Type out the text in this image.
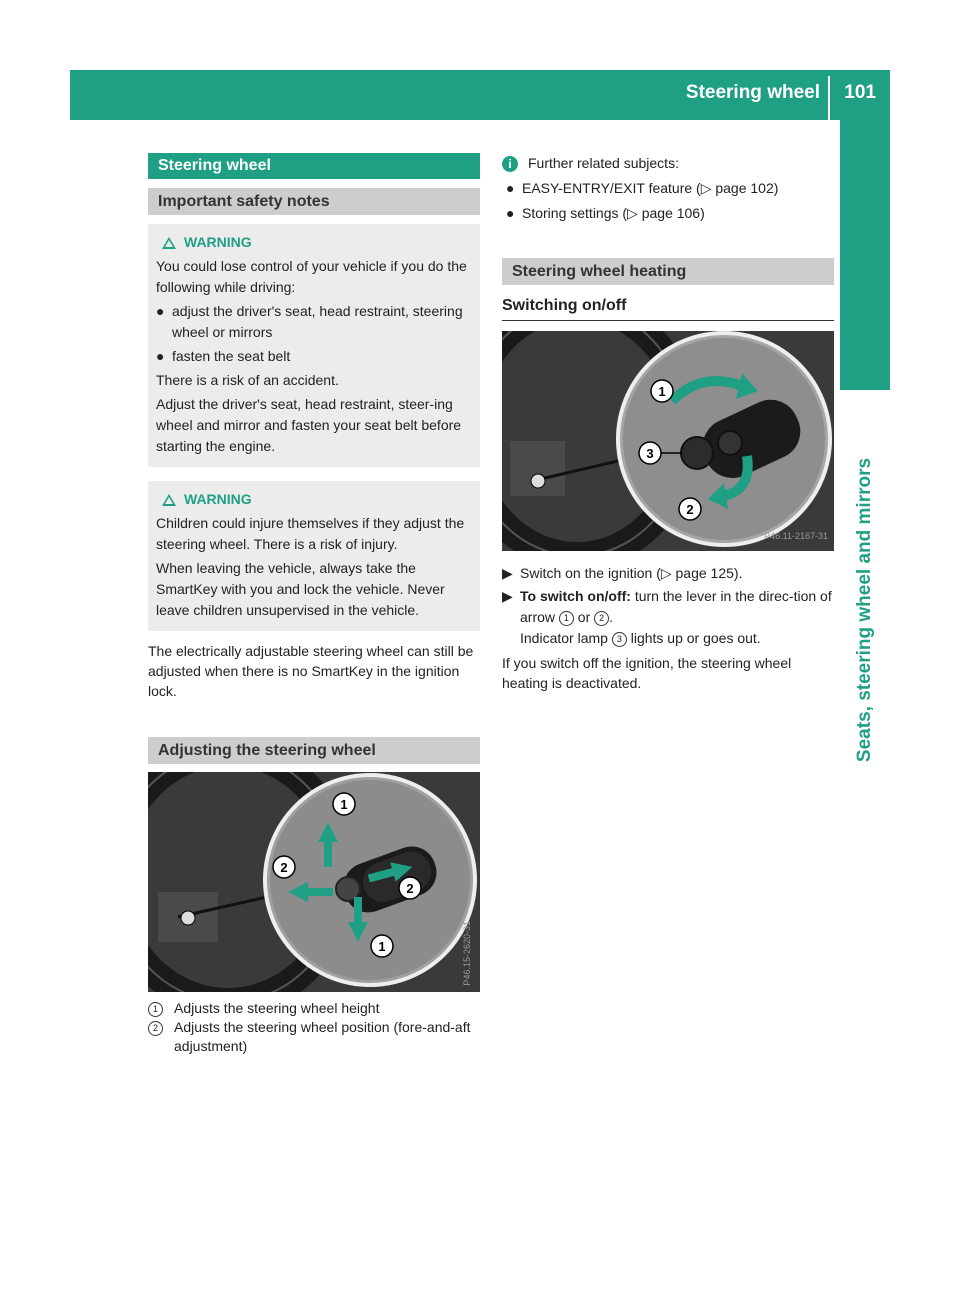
Steering wheel 101
Seats, steering wheel and mirrors
Steering wheel
Important safety notes
WARNING

You could lose control of your vehicle if you do the following while driving:

● adjust the driver's seat, head restraint, steering wheel or mirrors
● fasten the seat belt

There is a risk of an accident.

Adjust the driver's seat, head restraint, steer-ing wheel and mirror and fasten your seat belt before starting the engine.

WARNING

Children could injure themselves if they adjust the steering wheel. There is a risk of injury.

When leaving the vehicle, always take the SmartKey with you and lock the vehicle. Never leave children unsupervised in the vehicle.

The electrically adjustable steering wheel can still be adjusted when there is no SmartKey in the ignition lock.

Adjusting the steering wheel
1
2
2
1	P46.15-2620-31
1	Adjusts the steering wheel height
2	Adjusts the steering wheel position (fore-and-aft adjustment)
i	Further related subjects:
● EASY-ENTRY/EXIT feature (▷ page 102)
● Storing settings (▷ page 106)
Steering wheel heating
Switching on/off
1
3
2
P46.11-2167-31
▶ Switch on the ignition (▷ page 125).
▶ To switch on/off: turn the lever in the direc-tion of arrow 1 or 2 .
Indicator lamp 3 lights up or goes out.

If you switch off the ignition, the steering wheel heating is deactivated.
